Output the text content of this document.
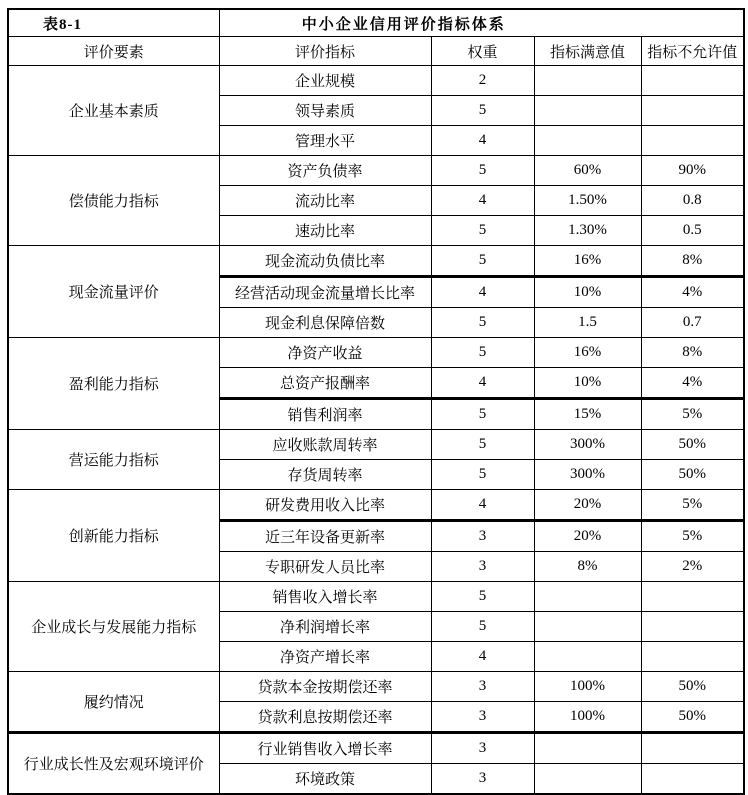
表8-1	中小企业信用评价指标体系			
评价要素	评价指标	权重	指标满意值	指标不允许值
企业基本素质	企业规模	2		
	领导素质	5		
	管理水平	4		
偿债能力指标	资产负债率	5	60%	90%
	流动比率	4	1.50%	0.8
	速动比率	5	1.30%	0.5
现金流量评价	现金流动负债比率	5	16%	8%
	经营活动现金流量增长比率	4	10%	4%
	现金利息保障倍数	5	1.5	0.7
盈利能力指标	净资产收益	5	16%	8%
	总资产报酬率	4	10%	4%
	销售利润率	5	15%	5%
营运能力指标	应收账款周转率	5	300%	50%
	存货周转率	5	300%	50%
创新能力指标	研发费用收入比率	4	20%	5%
	近三年设备更新率	3	20%	5%
	专职研发人员比率	3	8%	2%
企业成长与发展能力指标	销售收入增长率	5		
	净利润增长率	5		
	净资产增长率	4		
履约情况	贷款本金按期偿还率	3	100%	50%
	贷款利息按期偿还率	3	100%	50%
行业成长性及宏观环境评价	行业销售收入增长率	3		
	环境政策	3		
